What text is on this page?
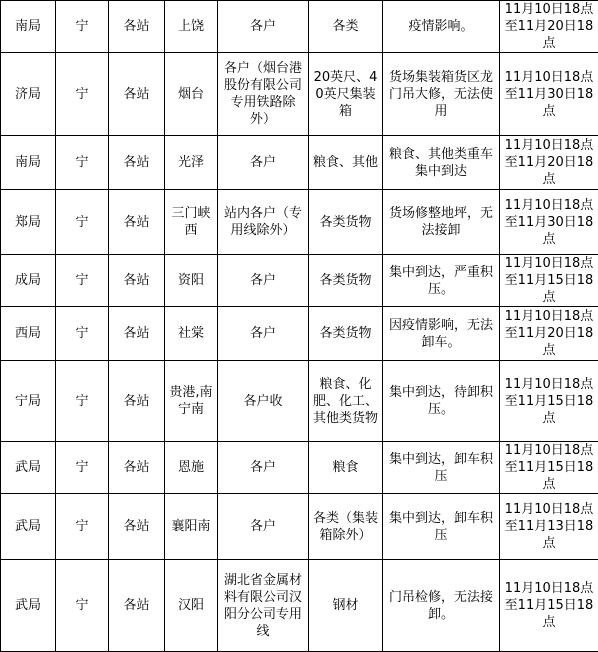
南局	宁	各站	上饶	各户	各类	疫情影响。	11月10日18点至11月20日18点
济局	宁	各站	烟台	各户（烟台港股份有限公司专用铁路除外）	20英尺、40英尺集装箱	货场集装箱货区龙门吊大修，无法使用	11月10日18点至11月30日18点
南局	宁	各站	光泽	各户	粮食、其他	粮食、其他类重车集中到达	11月10日18点至11月20日18点
郑局	宁	各站	三门峡西	站内各户（专用线除外）	各类货物	货场修整地坪，无法接卸	11月10日18点至11月30日18点
成局	宁	各站	资阳	各户	各类货物	集中到达，严重积压。	11月10日18点至11月15日18点
西局	宁	各站	社棠	各户	各类货物	因疫情影响，无法卸车。	11月10日18点至11月20日18点
宁局	宁	各站	贵港,南宁南	各户收	粮食、化肥、化工、其他类货物	集中到达，待卸积压。	11月10日18点至11月15日18点
武局	宁	各站	恩施	各户	粮食	集中到达，卸车积压	11月10日18点至11月15日18点
武局	宁	各站	襄阳南	各户	各类（集装箱除外）	集中到达，卸车积压	11月10日18点至11月13日18点
武局	宁	各站	汉阳	湖北省金属材料有限公司汉阳分公司专用线	钢材	门吊检修，无法接卸。	11月10日18点至11月15日18点
